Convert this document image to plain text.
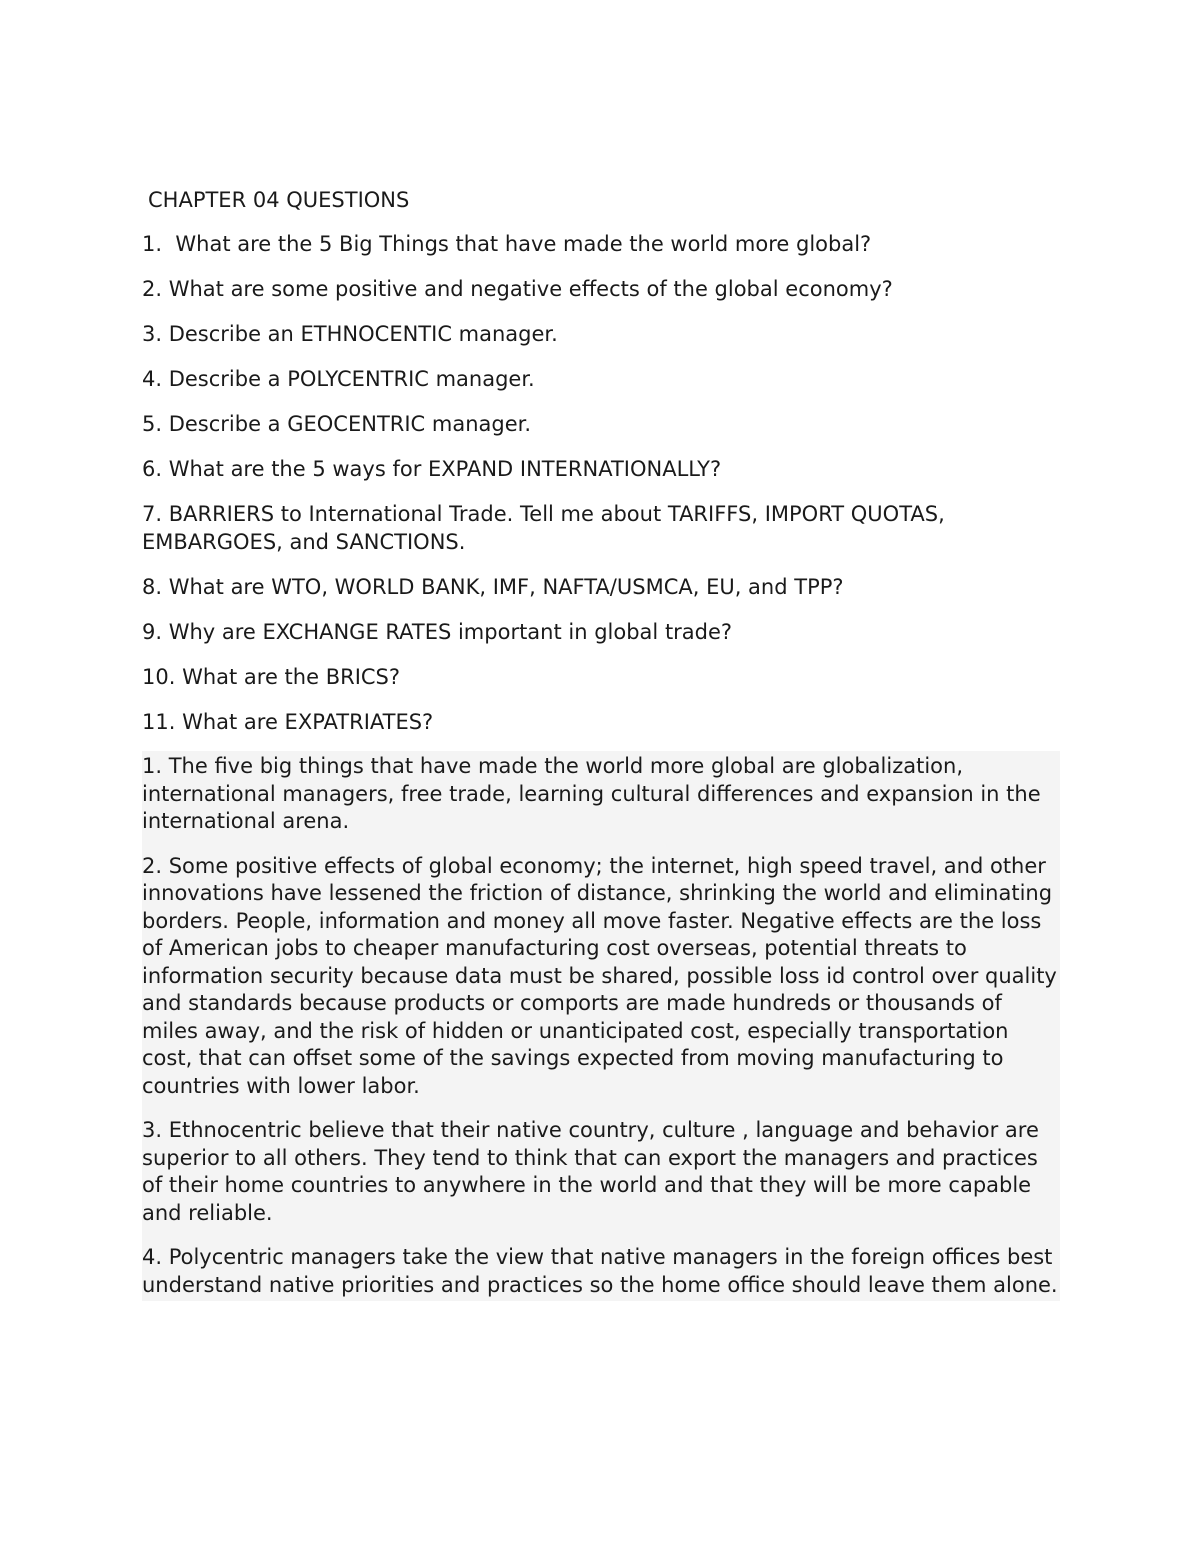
CHAPTER 04 QUESTIONS
1.  What are the 5 Big Things that have made the world more global?
2. What are some positive and negative effects of the global economy?
3. Describe an ETHNOCENTIC manager.
4. Describe a POLYCENTRIC manager.
5. Describe a GEOCENTRIC manager.
6. What are the 5 ways for EXPAND INTERNATIONALLY?
7. BARRIERS to International Trade. Tell me about TARIFFS, IMPORT QUOTAS, EMBARGOES, and SANCTIONS.
8. What are WTO, WORLD BANK, IMF, NAFTA/USMCA, EU, and TPP?
9. Why are EXCHANGE RATES important in global trade?
10. What are the BRICS?
11. What are EXPATRIATES?
1. The five big things that have made the world more global are globalization, international managers, free trade, learning cultural differences and expansion in the international arena.
2. Some positive effects of global economy; the internet, high speed travel, and other innovations have lessened the friction of distance, shrinking the world and eliminating borders. People, information and money all move faster. Negative effects are the loss of American jobs to cheaper manufacturing cost overseas, potential threats to information security because data must be shared, possible loss id control over quality and standards because products or comports are made hundreds or thousands of miles away, and the risk of hidden or unanticipated cost, especially transportation cost, that can offset some of the savings expected from moving manufacturing to countries with lower labor.
3. Ethnocentric believe that their native country, culture , language and behavior are superior to all others. They tend to think that can export the managers and practices of their home countries to anywhere in the world and that they will be more capable and reliable.
4. Polycentric managers take the view that native managers in the foreign offices best understand native priorities and practices so the home office should leave them alone.
